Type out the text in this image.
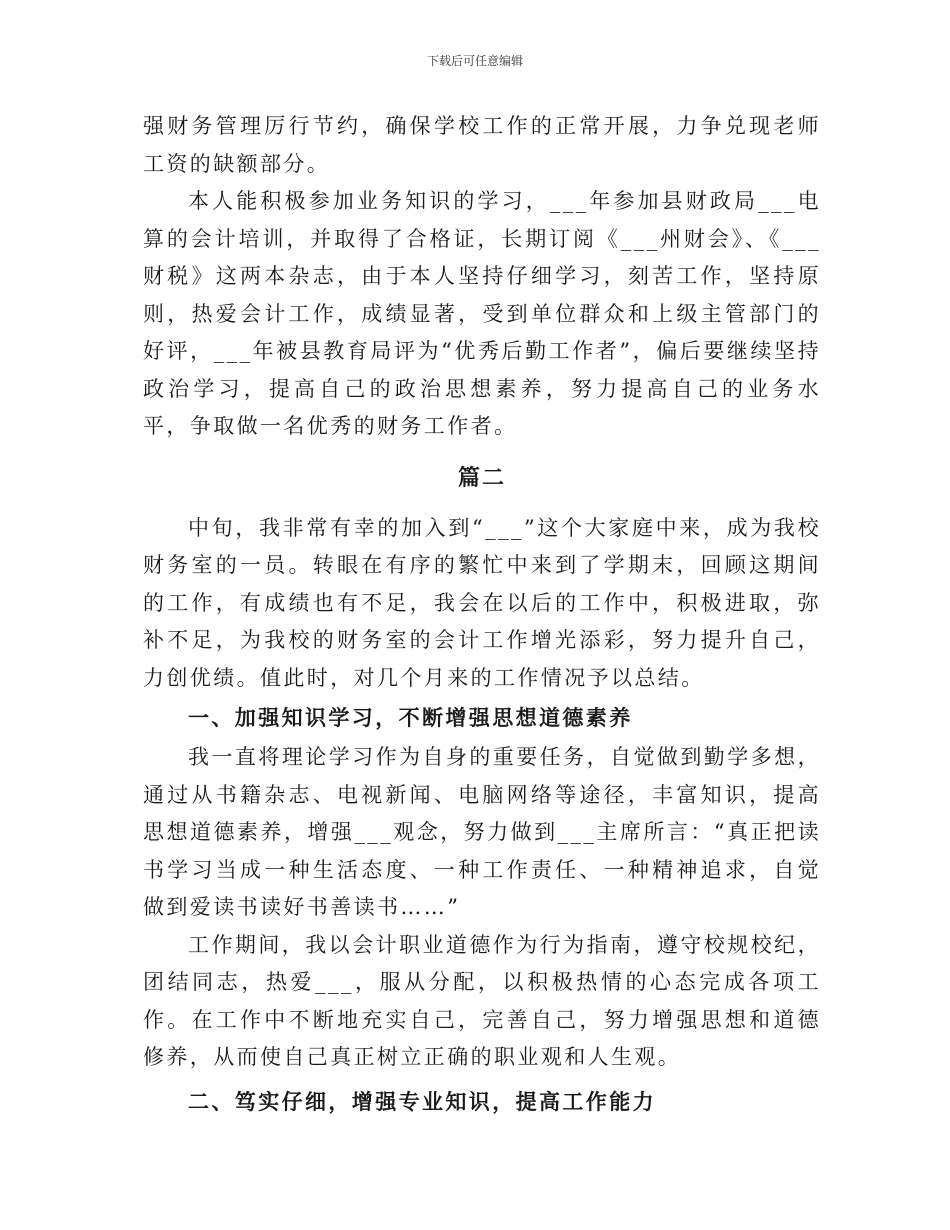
下载后可任意编辑

强财务管理厉行节约，确保学校工作的正常开展，力争兑现老师工资的缺额部分。

本人能积极参加业务知识的学习，___年参加县财政局___电算的会计培训，并取得了合格证，长期订阅《___州财会》、《___财税》这两本杂志，由于本人坚持仔细学习，刻苦工作，坚持原则，热爱会计工作，成绩显著，受到单位群众和上级主管部门的好评，___年被县教育局评为“优秀后勤工作者”，偏后要继续坚持政治学习，提高自己的政治思想素养，努力提高自己的业务水平，争取做一名优秀的财务工作者。

篇二

中旬，我非常有幸的加入到“___”这个大家庭中来，成为我校财务室的一员。转眼在有序的繁忙中来到了学期末，回顾这期间的工作，有成绩也有不足，我会在以后的工作中，积极进取，弥补不足，为我校的财务室的会计工作增光添彩，努力提升自己，力创优绩。值此时，对几个月来的工作情况予以总结。

一、加强知识学习，不断增强思想道德素养

我一直将理论学习作为自身的重要任务，自觉做到勤学多想，通过从书籍杂志、电视新闻、电脑网络等途径，丰富知识，提高思想道德素养，增强___观念，努力做到___主席所言：“真正把读书学习当成一种生活态度、一种工作责任、一种精神追求，自觉做到爱读书读好书善读书……”

工作期间，我以会计职业道德作为行为指南，遵守校规校纪，团结同志，热爱___，服从分配，以积极热情的心态完成各项工作。在工作中不断地充实自己，完善自己，努力增强思想和道德修养，从而使自己真正树立正确的职业观和人生观。

二、笃实仔细，增强专业知识，提高工作能力
